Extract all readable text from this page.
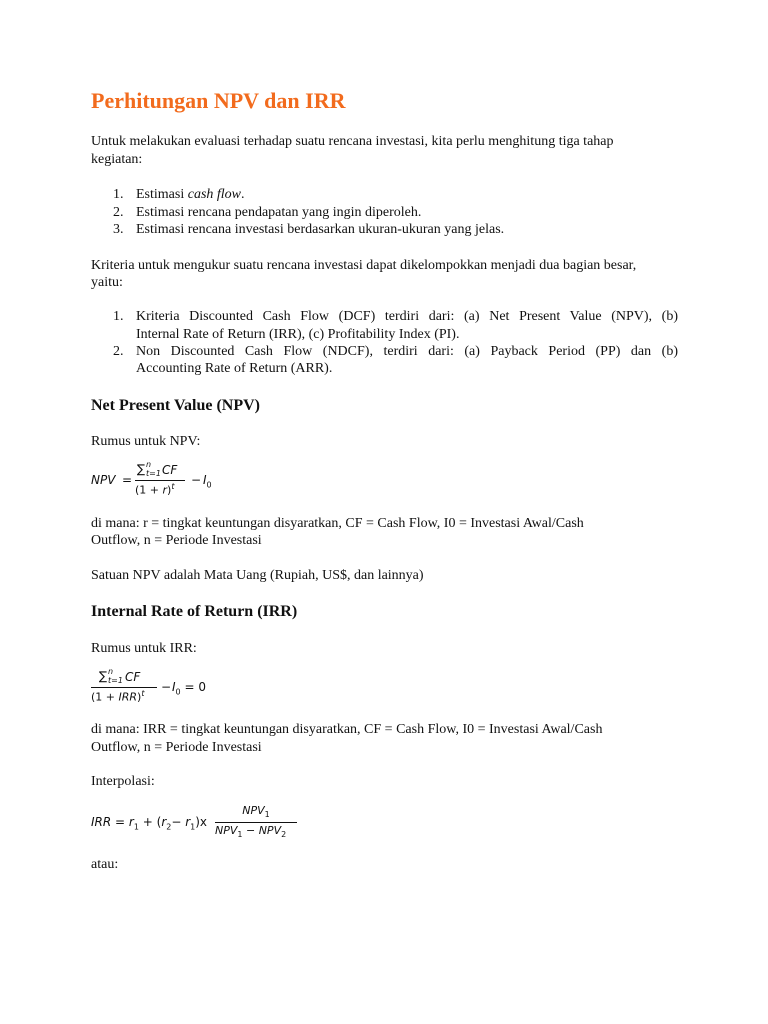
Perhitungan NPV dan IRR
Untuk melakukan evaluasi terhadap suatu rencana investasi, kita perlu menghitung tiga tahap
kegiatan:
1. Estimasi cash flow.
2. Estimasi rencana pendapatan yang ingin diperoleh.
3. Estimasi rencana investasi berdasarkan ukuran-ukuran yang jelas.
Kriteria untuk mengukur suatu rencana investasi dapat dikelompokkan menjadi dua bagian besar,
yaitu:
1. Kriteria Discounted Cash Flow (DCF) terdiri dari: (a) Net Present Value (NPV), (b)
Internal Rate of Return (IRR), (c) Profitability Index (PI).
2. Non Discounted Cash Flow (NDCF), terdiri dari: (a) Payback Period (PP) dan (b)
Accounting Rate of Return (ARR).
Net Present Value (NPV)
Rumus untuk NPV:
NPV =
∑ n
t=1 CF
$(1 + r)^t - I_0$
di mana: r = tingkat keuntungan disyaratkan, CF = Cash Flow, I0 = Investasi Awal/Cash
Outflow, n = Periode Investasi
Satuan NPV adalah Mata Uang (Rupiah, US$, dan lainnya)
Internal Rate of Return (IRR)
Rumus untuk IRR:
∑ n
t=1 CF
$(1 + IRR)^t - I_0 = 0$
di mana: IRR = tingkat keuntungan disyaratkan, CF = Cash Flow, I0 = Investasi Awal/Cash
Outflow, n = Periode Investasi
Interpolasi:
IRR = $r_1 + (r_2- r_1)x$
$NPV_1$
$NPV_1 - NPV_2$
atau:
